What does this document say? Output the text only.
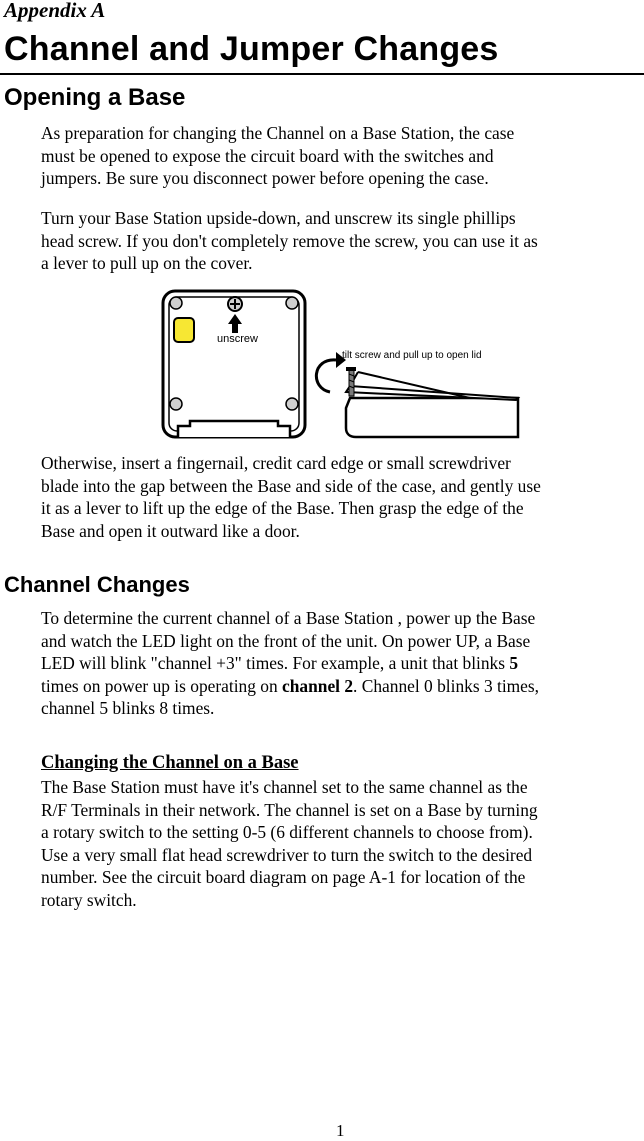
Appendix A
Channel and Jumper Changes
Opening a Base
As preparation for changing the Channel on a Base Station, the case
must be opened to expose the circuit board with the switches and
jumpers. Be sure you disconnect power before opening the case.
Turn your Base Station upside-down, and unscrew its single phillips
head screw. If you don't completely remove the screw, you can use it as
a lever to pull up on the cover.
unscrew
tilt screw and pull up to open lid
Otherwise, insert a fingernail, credit card edge or small screwdriver
blade into the gap between the Base and side of the case, and gently use
it as a lever to lift up the edge of the Base. Then grasp the edge of the
Base and open it outward like a door.
Channel Changes
To determine the current channel of a Base Station , power up the Base
and watch the LED light on the front of the unit. On power UP, a Base
LED will blink "channel +3" times. For example, a unit that blinks 5
times on power up is operating on channel 2. Channel 0 blinks 3 times,
channel 5 blinks 8 times.
Changing the Channel on a Base
The Base Station must have it's channel set to the same channel as the
R/F Terminals in their network. The channel is set on a Base by turning
a rotary switch to the setting 0-5 (6 different channels to choose from).
Use a very small flat head screwdriver to turn the switch to the desired
number. See the circuit board diagram on page A-1 for location of the
rotary switch.
1
